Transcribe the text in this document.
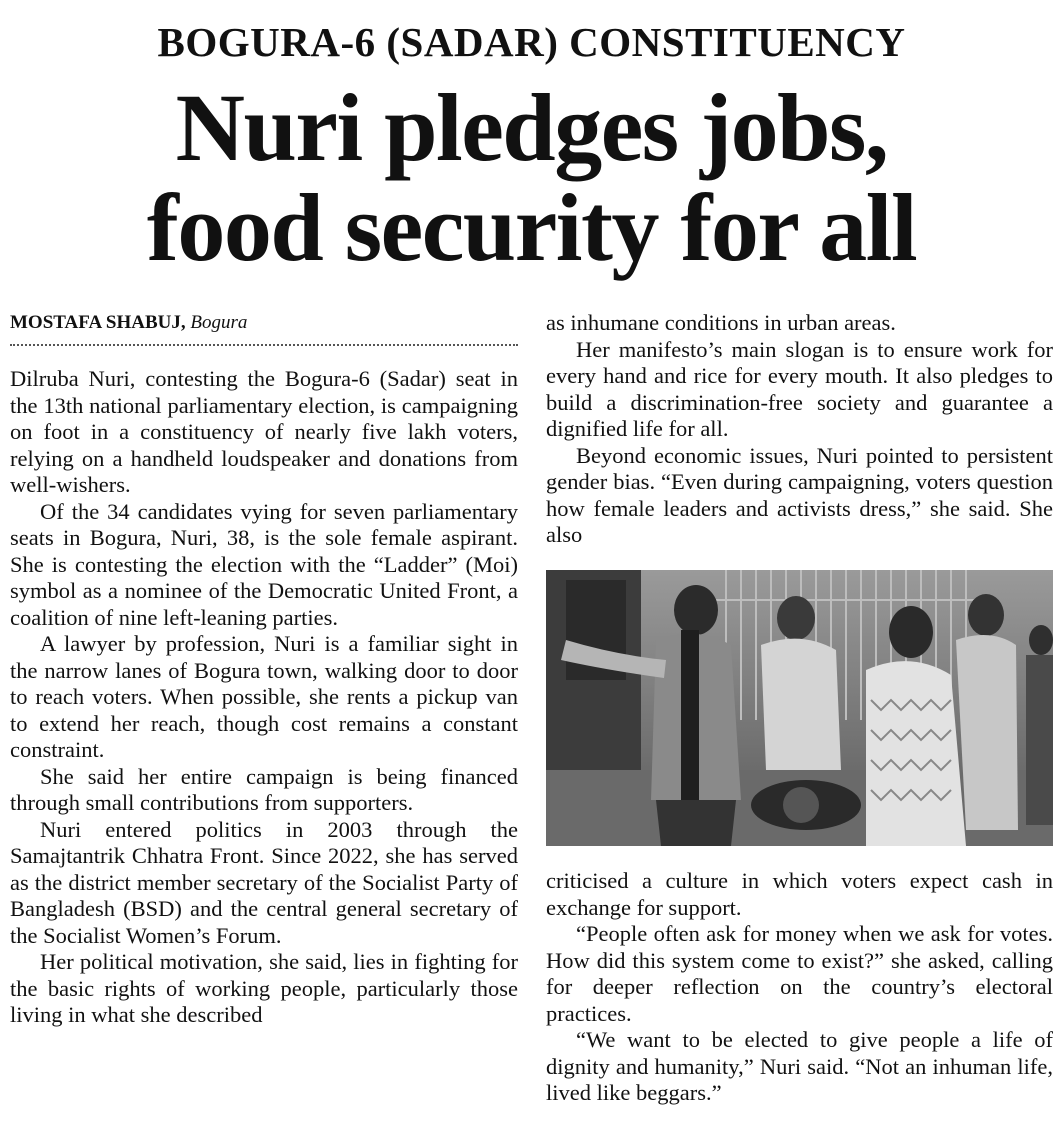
BOGURA-6 (SADAR) CONSTITUENCY
Nuri pledges jobs,
food security for all
MOSTAFA SHABUJ, Bogura

Dilruba Nuri, contesting the Bogura-6 (Sadar) seat in the 13th national parliamentary election, is campaigning on foot in a constituency of nearly five lakh voters, relying on a handheld loudspeaker and donations from well-wishers.

Of the 34 candidates vying for seven parliamentary seats in Bogura, Nuri, 38, is the sole female aspirant. She is contesting the election with the “Ladder” (Moi) symbol as a nominee of the Democratic United Front, a coalition of nine left-leaning parties.

A lawyer by profession, Nuri is a familiar sight in the narrow lanes of Bogura town, walking door to door to reach voters. When possible, she rents a pickup van to extend her reach, though cost remains a constant constraint.

She said her entire campaign is being financed through small contributions from supporters.

Nuri entered politics in 2003 through the Samajtantrik Chhatra Front. Since 2022, she has served as the district member secretary of the Socialist Party of Bangladesh (BSD) and the central general secretary of the Socialist Women’s Forum.

Her political motivation, she said, lies in fighting for the basic rights of working people, particularly those living in what she described

as inhumane conditions in urban areas.

Her manifesto’s main slogan is to ensure work for every hand and rice for every mouth. It also pledges to build a discrimination-free society and guarantee a dignified life for all.

Beyond economic issues, Nuri pointed to persistent gender bias. “Even during campaigning, voters question how female leaders and activists dress,” she said. She also

criticised a culture in which voters expect cash in exchange for support.

“People often ask for money when we ask for votes. How did this system come to exist?” she asked, calling for deeper reflection on the country’s electoral practices.

“We want to be elected to give people a life of dignity and humanity,” Nuri said. “Not an inhuman life, lived like beggars.”
